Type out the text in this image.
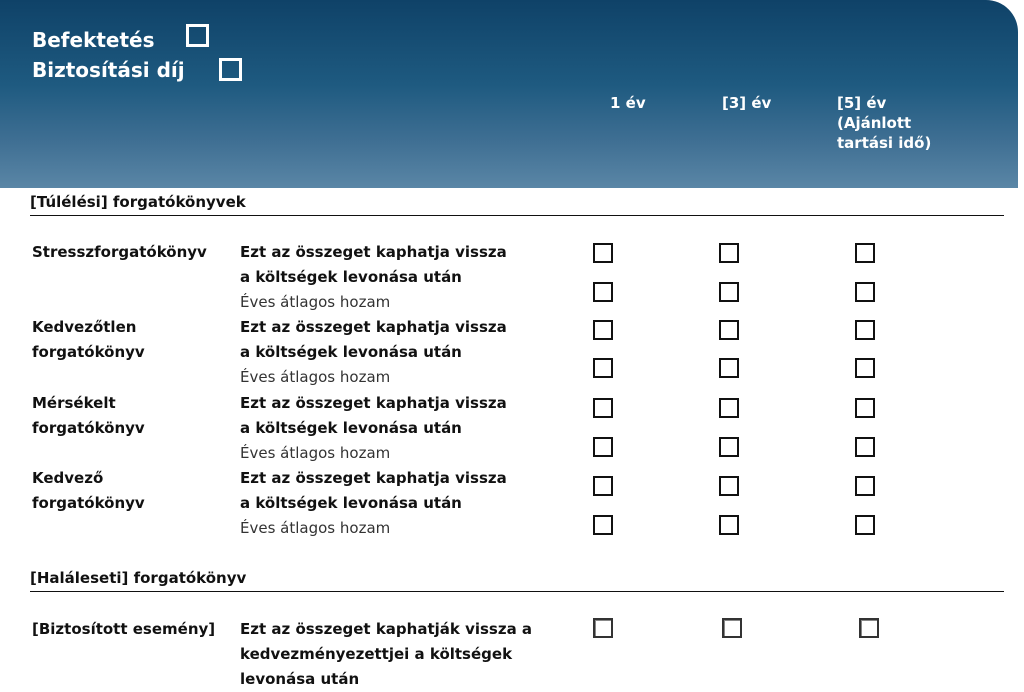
Befektetés
Biztosítási díj
1 év	[3] év	[5] év
(Ajánlott
tartási idő)
[Túlélési] forgatókönyvek
Stresszforgatókönyv Ezt az összeget kaphatja vissza
a költségek levonása után
Éves átlagos hozam
Kedvezőtlen
forgatókönyv
Ezt az összeget kaphatja vissza
a költségek levonása után
Éves átlagos hozam
Mérsékelt
forgatókönyv
Ezt az összeget kaphatja vissza
a költségek levonása után
Éves átlagos hozam
Kedvező
forgatókönyv
Ezt az összeget kaphatja vissza
a költségek levonása után
Éves átlagos hozam
[Haláleseti] forgatókönyv
[Biztosított esemény] Ezt az összeget kaphatják vissza a
kedvezményezettjei a költségek
levonása után
